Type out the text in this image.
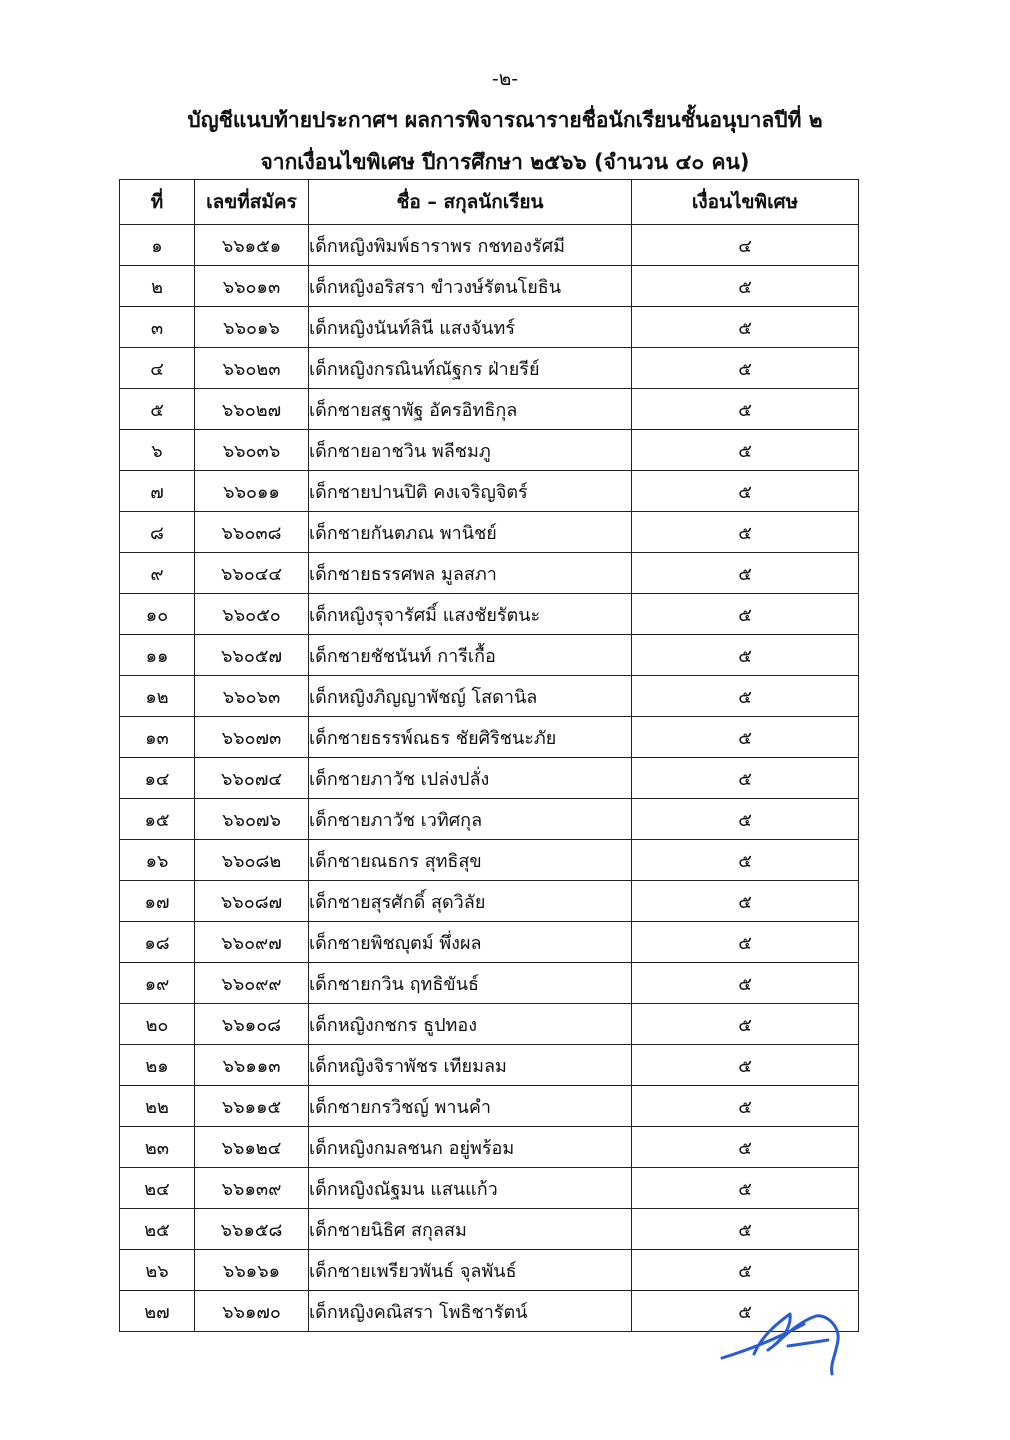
-๒-
บัญชีแนบท้ายประกาศฯ ผลการพิจารณารายชื่อนักเรียนชั้นอนุบาลปีที่ ๒
จากเงื่อนไขพิเศษ ปีการศึกษา ๒๕๖๖ (จำนวน ๔๐ คน)
ที่	เลขที่สมัคร	ชื่อ – สกุลนักเรียน	เงื่อนไขพิเศษ
๑	๖๖๑๕๑	เด็กหญิงพิมพ์ธาราพร กชทองรัศมี	๔
๒	๖๖๐๑๓	เด็กหญิงอริสรา ขำวงษ์รัตนโยธิน	๕
๓	๖๖๐๑๖	เด็กหญิงนันท์ลินี แสงจันทร์	๕
๔	๖๖๐๒๓	เด็กหญิงกรณินท์ณัฐกร ฝ่ายรีย์	๕
๕	๖๖๐๒๗	เด็กชายสฐาพัฐ อัครอิทธิกุล	๕
๖	๖๖๐๓๖	เด็กชายอาชวิน พลีชมภู	๕
๗	๖๖๐๑๑	เด็กชายปานปิติ คงเจริญจิตร์	๕
๘	๖๖๐๓๘	เด็กชายกันตภณ พานิชย์	๕
๙	๖๖๐๔๔	เด็กชายธรรศพล มูลสภา	๕
๑๐	๖๖๐๕๐	เด็กหญิงรุจารัศมิ์ แสงชัยรัตนะ	๕
๑๑	๖๖๐๕๗	เด็กชายชัชนันท์ การีเกื้อ	๕
๑๒	๖๖๐๖๓	เด็กหญิงภิญญาพัชญ์ โสดานิล	๕
๑๓	๖๖๐๗๓	เด็กชายธรรพ์ณธร ชัยศิริชนะภัย	๕
๑๔	๖๖๐๗๔	เด็กชายภาวัช เปล่งปลั่ง	๕
๑๕	๖๖๐๗๖	เด็กชายภาวัช เวทิศกุล	๕
๑๖	๖๖๐๘๒	เด็กชายณธกร สุทธิสุข	๕
๑๗	๖๖๐๘๗	เด็กชายสุรศักดิ์ สุดวิลัย	๕
๑๘	๖๖๐๙๗	เด็กชายพิชญุตม์ พึ่งผล	๕
๑๙	๖๖๐๙๙	เด็กชายกวิน ฤทธิขันธ์	๕
๒๐	๖๖๑๐๘	เด็กหญิงกชกร ธูปทอง	๕
๒๑	๖๖๑๑๓	เด็กหญิงจิราพัชร เทียมลม	๕
๒๒	๖๖๑๑๕	เด็กชายกรวิชญ์ พานคำ	๕
๒๓	๖๖๑๒๔	เด็กหญิงกมลชนก อยู่พร้อม	๕
๒๔	๖๖๑๓๙	เด็กหญิงณัฐมน แสนแก้ว	๕
๒๕	๖๖๑๕๘	เด็กชายนิธิศ สกุลสม	๕
๒๖	๖๖๑๖๑	เด็กชายเพรียวพันธ์ จุลพันธ์	๕
๒๗	๖๖๑๗๐	เด็กหญิงคณิสรา โพธิชารัตน์	๕
